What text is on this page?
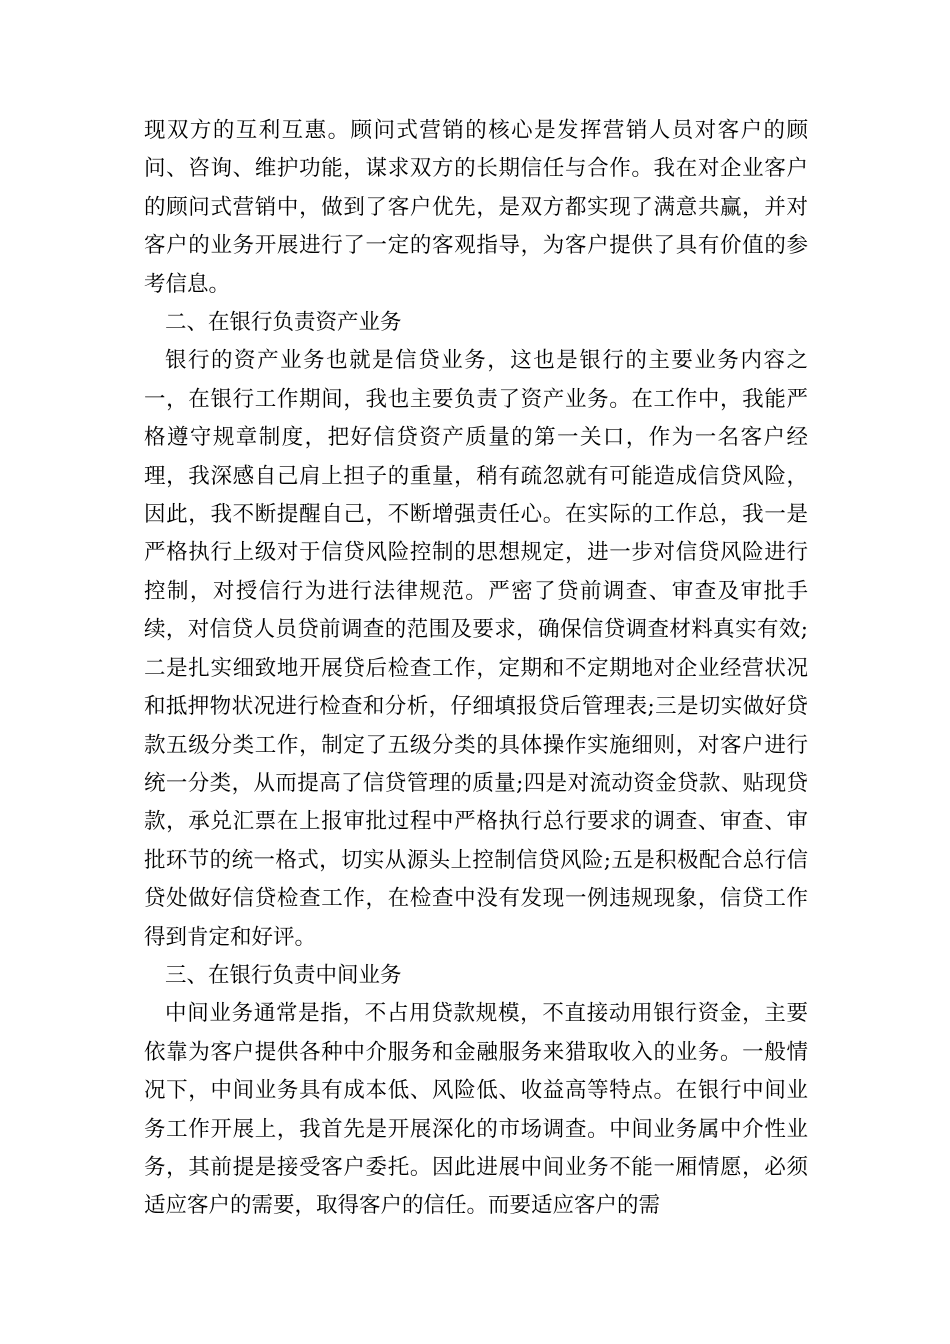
现双方的互利互惠。顾问式营销的核心是发挥营销人员对客户的顾问、咨询、维护功能，谋求双方的长期信任与合作。我在对企业客户的顾问式营销中，做到了客户优先，是双方都实现了满意共赢，并对客户的业务开展进行了一定的客观指导，为客户提供了具有价值的参考信息。

二、在银行负责资产业务

银行的资产业务也就是信贷业务，这也是银行的主要业务内容之一，在银行工作期间，我也主要负责了资产业务。在工作中，我能严格遵守规章制度，把好信贷资产质量的第一关口，作为一名客户经理，我深感自己肩上担子的重量，稍有疏忽就有可能造成信贷风险，因此，我不断提醒自己，不断增强责任心。在实际的工作总，我一是严格执行上级对于信贷风险控制的思想规定，进一步对信贷风险进行控制，对授信行为进行法律规范。严密了贷前调查、审查及审批手续，对信贷人员贷前调查的范围及要求，确保信贷调查材料真实有效;二是扎实细致地开展贷后检查工作，定期和不定期地对企业经营状况和抵押物状况进行检查和分析，仔细填报贷后管理表;三是切实做好贷款五级分类工作，制定了五级分类的具体操作实施细则，对客户进行统一分类，从而提高了信贷管理的质量;四是对流动资金贷款、贴现贷款，承兑汇票在上报审批过程中严格执行总行要求的调查、审查、审批环节的统一格式，切实从源头上控制信贷风险;五是积极配合总行信贷处做好信贷检查工作，在检查中没有发现一例违规现象，信贷工作得到肯定和好评。

三、在银行负责中间业务

中间业务通常是指，不占用贷款规模，不直接动用银行资金，主要依靠为客户提供各种中介服务和金融服务来猎取收入的业务。一般情况下，中间业务具有成本低、风险低、收益高等特点。在银行中间业务工作开展上，我首先是开展深化的市场调查。中间业务属中介性业务，其前提是接受客户委托。因此进展中间业务不能一厢情愿，必须适应客户的需要，取得客户的信任。而要适应客户的需
